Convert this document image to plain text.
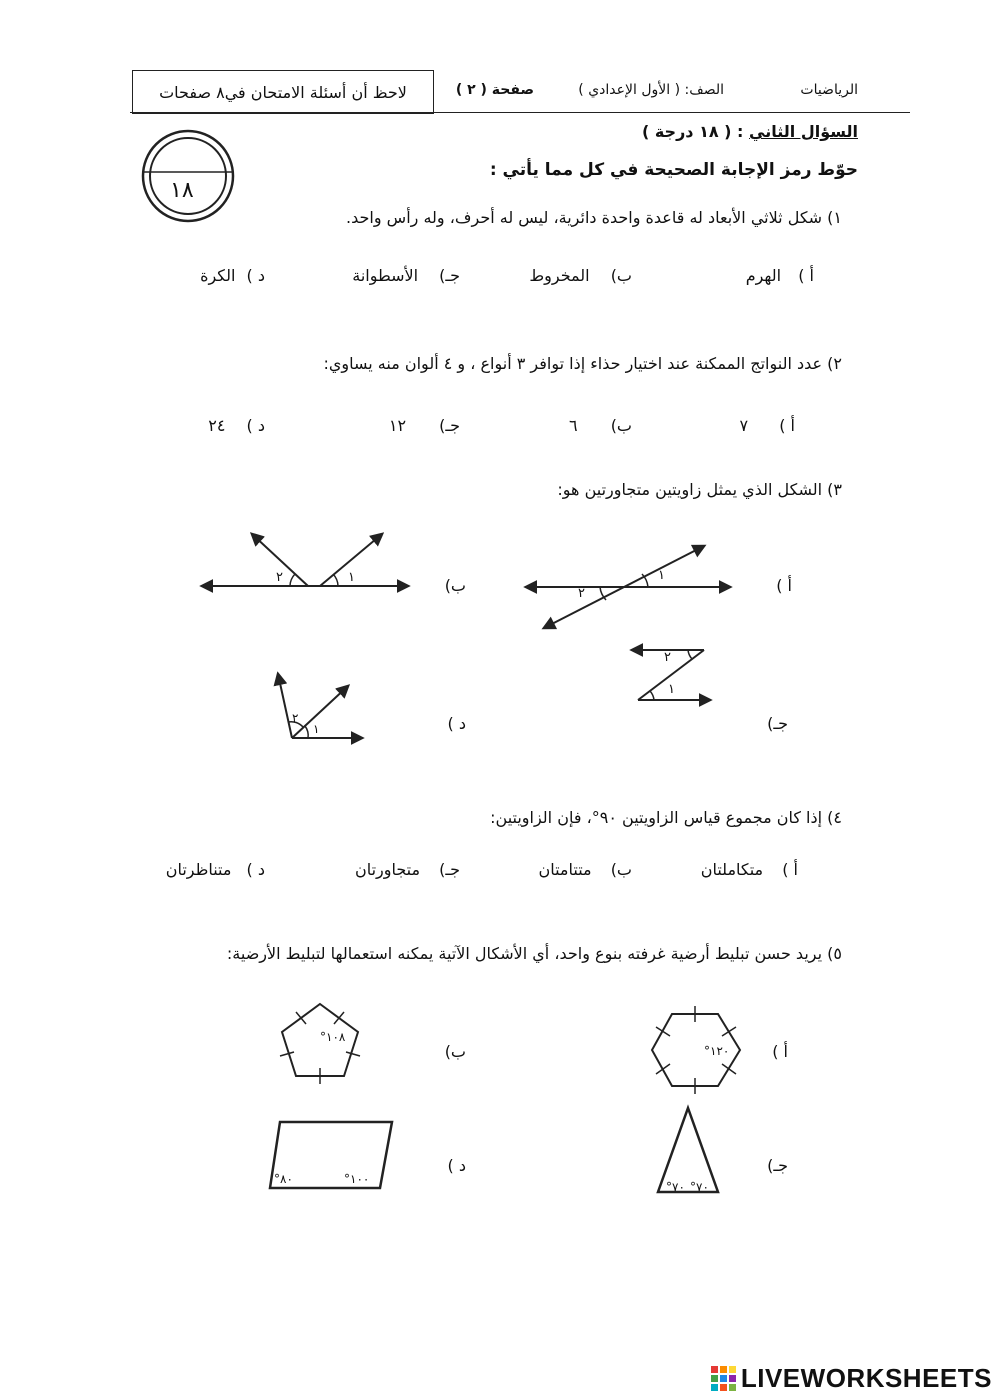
الرياضيات
الصف: ( الأول الإعدادي )
صفحة ( ٢ )
لاحظ أن أسئلة الامتحان في٨ صفحات
السؤال الثاني : ( ١٨ درجة )
حوّط رمز الإجابة الصحيحة في كل مما يأتي :
١٨
١) شكل ثلاثي الأبعاد له قاعدة واحدة دائرية، ليس له أحرف، وله رأس واحد.
أ ) الهرم
ب) المخروط
جـ) الأسطوانة
د ) الكرة
٢) عدد النواتج الممكنة عند اختيار حذاء إذا توافر ٣ أنواع ، و ٤ ألوان منه يساوي:
أ ) ٧
ب) ٦
جـ) ١٢
د ) ٢٤
٣) الشكل الذي يمثل زاويتين متجاورتين هو:
أ )
١
٢
ب)
١
٢
جـ)
٢
١
د )
٢
١
٤) إذا كان مجموع قياس الزاويتين ٩٠°، فإن الزاويتين:
أ ) متكاملتان
ب) متتامتان
جـ) متجاورتان
د ) متناظرتان
٥) يريد حسن تبليط أرضية غرفته بنوع واحد، أي الأشكال الآتية يمكنه استعمالها لتبليط الأرضية:
أ )
°١٢٠
ب)
°١٠٨
جـ)
°٧٠ °٧٠
د )
°٨٠	°١٠٠
LIVEWORKSHEETS
